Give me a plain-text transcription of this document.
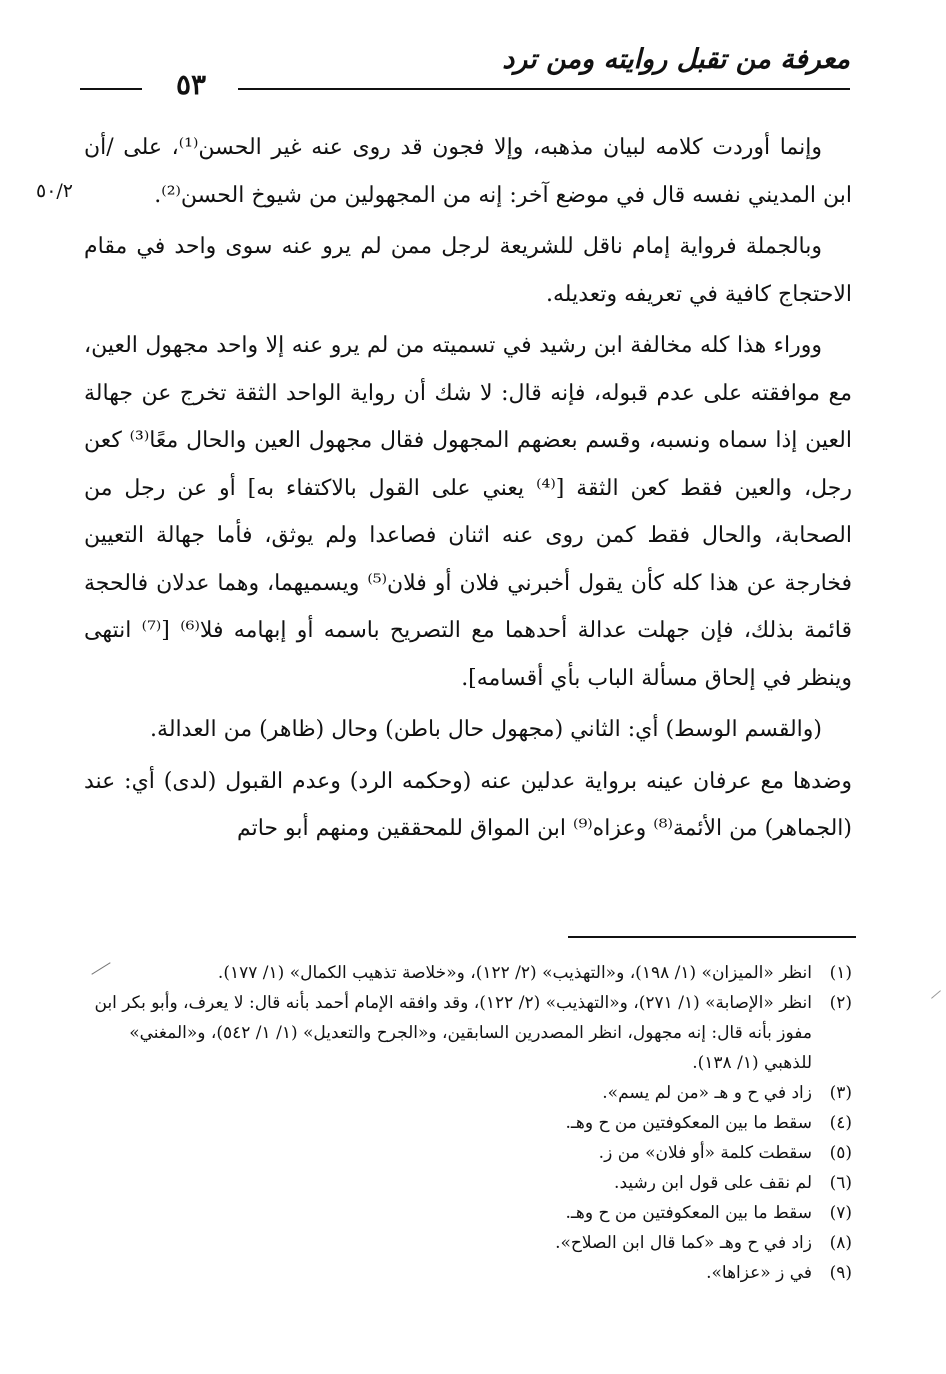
معرفة من تقبل روايته ومن ترد
٥٣
٥٠/٢

وإنما أوردت كلامه لبيان مذهبه، وإلا فجون قد روى عنه غير الحسن⁽¹⁾، على /أن ابن المديني نفسه قال في موضع آخر: إنه من المجهولين من شيوخ الحسن⁽²⁾.

وبالجملة فرواية إمام ناقل للشريعة لرجل ممن لم يرو عنه سوى واحد في مقام الاحتجاج كافية في تعريفه وتعديله.

ووراء هذا كله مخالفة ابن رشيد في تسميته من لم يرو عنه إلا واحد مجهول العين، مع موافقته على عدم قبوله، فإنه قال: لا شك أن رواية الواحد الثقة تخرج عن جهالة العين إذا سماه ونسبه، وقسم بعضهم المجهول فقال مجهول العين والحال معًا⁽³⁾ كعن رجل، والعين فقط كعن الثقة [⁽⁴⁾ يعني على القول بالاكتفاء به] أو عن رجل من الصحابة، والحال فقط كمن روى عنه اثنان فصاعدا ولم يوثق، فأما جهالة التعيين فخارجة عن هذا كله كأن يقول أخبرني فلان أو فلان⁽⁵⁾ ويسميهما، وهما عدلان فالحجة قائمة بذلك، فإن جهلت عدالة أحدهما مع التصريح باسمه أو إبهامه فلا⁽⁶⁾ [⁽⁷⁾ انتهى وينظر في إلحاق مسألة الباب بأي أقسامه].

(والقسم الوسط) أي: الثاني (مجهول حال باطن) وحال (ظاهر) من العدالة.

وضدها مع عرفان عينه برواية عدلين عنه (وحكمه الرد) وعدم القبول (لدى) أي: عند (الجماهر) من الأئمة⁽⁸⁾ وعزاه⁽⁹⁾ ابن المواق للمحققين ومنهم أبو حاتم

(١)
انظر «الميزان» (١/ ١٩٨)، و«التهذيب» (٢/ ١٢٢)، و«خلاصة تذهيب الكمال» (١/ ١٧٧).
(٢)
انظر «الإصابة» (١/ ٢٧١)، و«التهذيب» (٢/ ١٢٢)، وقد وافقه الإمام أحمد بأنه قال: لا يعرف، وأبو بكر ابن مفوز بأنه قال: إنه مجهول، انظر المصدرين السابقين، و«الجرح والتعديل» (١/ ١/ ٥٤٢)، و«المغني» للذهبي (١/ ١٣٨).
(٣)
زاد في ح و هـ «من لم يسم».
(٤)
سقط ما بين المعكوفتين من ح وهـ.
(٥)
سقطت كلمة «أو فلان» من ز.
(٦)
لم نقف على قول ابن رشيد.
(٧)
سقط ما بين المعكوفتين من ح وهـ.
(٨)
زاد في ح وهـ «كما قال ابن الصلاح».
(٩)
في ز «عزاها».
